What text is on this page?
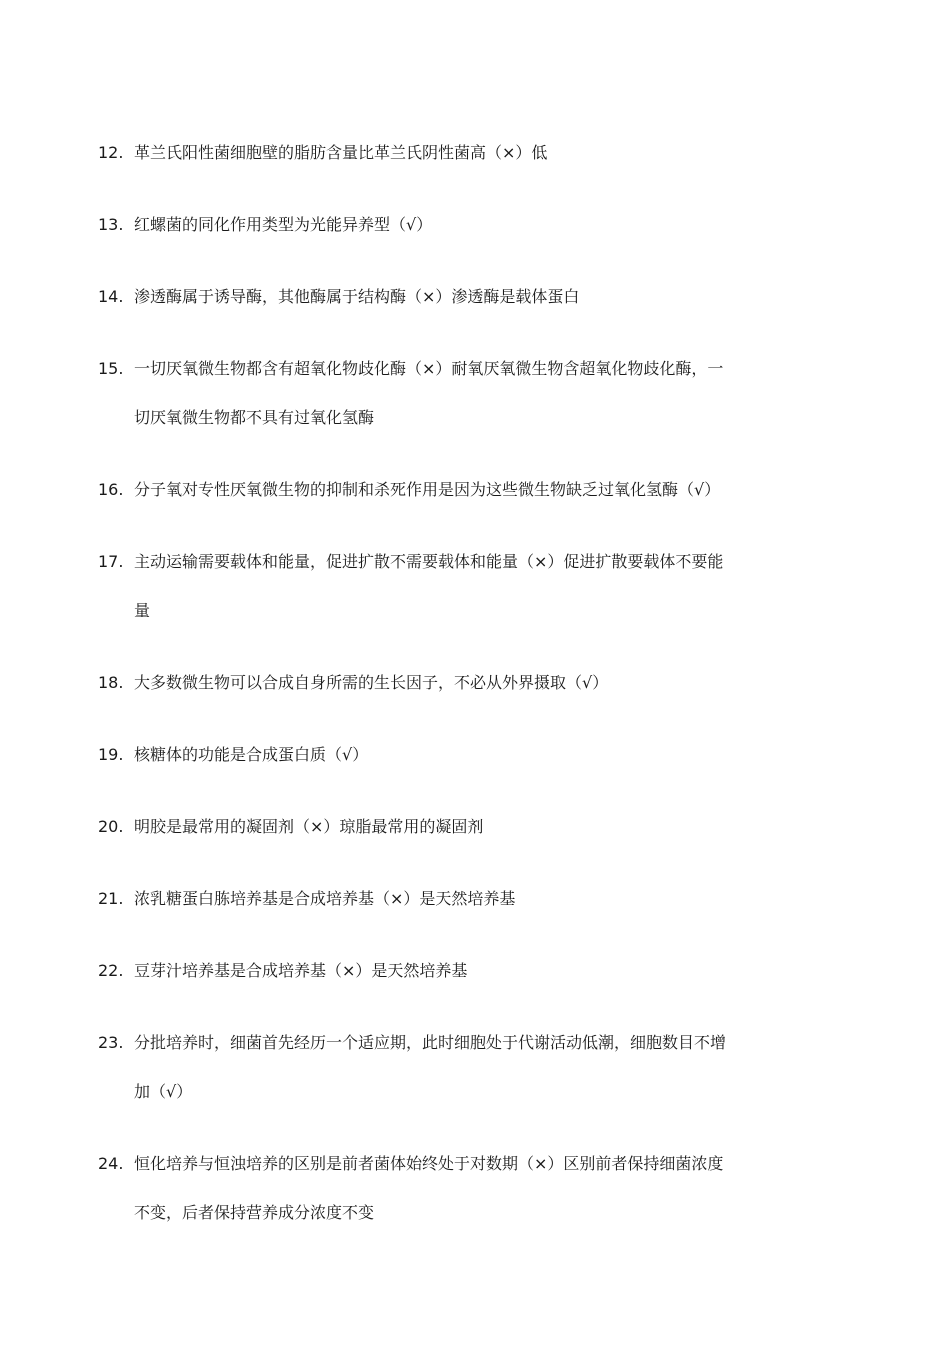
12. 革兰氏阳性菌细胞壁的脂肪含量比革兰氏阴性菌高（×）低
13. 红螺菌的同化作用类型为光能异养型（√）
14. 渗透酶属于诱导酶，其他酶属于结构酶（×）渗透酶是载体蛋白
15. 一切厌氧微生物都含有超氧化物歧化酶（×）耐氧厌氧微生物含超氧化物歧化酶，一
切厌氧微生物都不具有过氧化氢酶
16. 分子氧对专性厌氧微生物的抑制和杀死作用是因为这些微生物缺乏过氧化氢酶（√）
17. 主动运输需要载体和能量，促进扩散不需要载体和能量（×）促进扩散要载体不要能
量
18. 大多数微生物可以合成自身所需的生长因子，不必从外界摄取（√）
19. 核糖体的功能是合成蛋白质（√）
20. 明胶是最常用的凝固剂（×）琼脂最常用的凝固剂
21. 浓乳糖蛋白胨培养基是合成培养基（×）是天然培养基
22. 豆芽汁培养基是合成培养基（×）是天然培养基
23. 分批培养时，细菌首先经历一个适应期，此时细胞处于代谢活动低潮，细胞数目不增
加（√）
24. 恒化培养与恒浊培养的区别是前者菌体始终处于对数期（×）区别前者保持细菌浓度
不变，后者保持营养成分浓度不变
